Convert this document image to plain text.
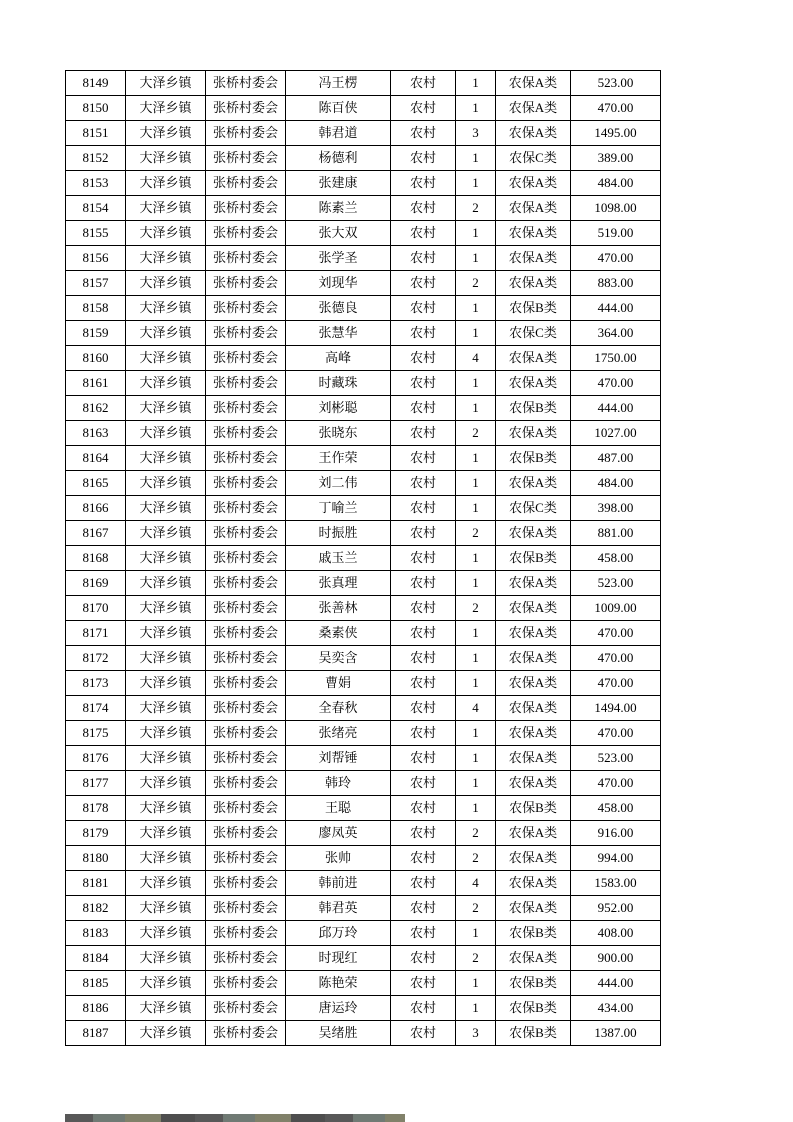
8149	大泽乡镇	张桥村委会	冯王楞	农村	1	农保A类	523.00
8150	大泽乡镇	张桥村委会	陈百侠	农村	1	农保A类	470.00
8151	大泽乡镇	张桥村委会	韩君道	农村	3	农保A类	1495.00
8152	大泽乡镇	张桥村委会	杨德利	农村	1	农保C类	389.00
8153	大泽乡镇	张桥村委会	张建康	农村	1	农保A类	484.00
8154	大泽乡镇	张桥村委会	陈素兰	农村	2	农保A类	1098.00
8155	大泽乡镇	张桥村委会	张大双	农村	1	农保A类	519.00
8156	大泽乡镇	张桥村委会	张学圣	农村	1	农保A类	470.00
8157	大泽乡镇	张桥村委会	刘现华	农村	2	农保A类	883.00
8158	大泽乡镇	张桥村委会	张德良	农村	1	农保B类	444.00
8159	大泽乡镇	张桥村委会	张慧华	农村	1	农保C类	364.00
8160	大泽乡镇	张桥村委会	高峰	农村	4	农保A类	1750.00
8161	大泽乡镇	张桥村委会	时藏珠	农村	1	农保A类	470.00
8162	大泽乡镇	张桥村委会	刘彬聪	农村	1	农保B类	444.00
8163	大泽乡镇	张桥村委会	张晓东	农村	2	农保A类	1027.00
8164	大泽乡镇	张桥村委会	王作荣	农村	1	农保B类	487.00
8165	大泽乡镇	张桥村委会	刘二伟	农村	1	农保A类	484.00
8166	大泽乡镇	张桥村委会	丁喻兰	农村	1	农保C类	398.00
8167	大泽乡镇	张桥村委会	时振胜	农村	2	农保A类	881.00
8168	大泽乡镇	张桥村委会	戚玉兰	农村	1	农保B类	458.00
8169	大泽乡镇	张桥村委会	张真理	农村	1	农保A类	523.00
8170	大泽乡镇	张桥村委会	张善林	农村	2	农保A类	1009.00
8171	大泽乡镇	张桥村委会	桑素侠	农村	1	农保A类	470.00
8172	大泽乡镇	张桥村委会	吴奕含	农村	1	农保A类	470.00
8173	大泽乡镇	张桥村委会	曹娟	农村	1	农保A类	470.00
8174	大泽乡镇	张桥村委会	全春秋	农村	4	农保A类	1494.00
8175	大泽乡镇	张桥村委会	张绪亮	农村	1	农保A类	470.00
8176	大泽乡镇	张桥村委会	刘帮锤	农村	1	农保A类	523.00
8177	大泽乡镇	张桥村委会	韩玲	农村	1	农保A类	470.00
8178	大泽乡镇	张桥村委会	王聪	农村	1	农保B类	458.00
8179	大泽乡镇	张桥村委会	廖凤英	农村	2	农保A类	916.00
8180	大泽乡镇	张桥村委会	张帅	农村	2	农保A类	994.00
8181	大泽乡镇	张桥村委会	韩前进	农村	4	农保A类	1583.00
8182	大泽乡镇	张桥村委会	韩君英	农村	2	农保A类	952.00
8183	大泽乡镇	张桥村委会	邱万玲	农村	1	农保B类	408.00
8184	大泽乡镇	张桥村委会	时现红	农村	2	农保A类	900.00
8185	大泽乡镇	张桥村委会	陈艳荣	农村	1	农保B类	444.00
8186	大泽乡镇	张桥村委会	唐运玲	农村	1	农保B类	434.00
8187	大泽乡镇	张桥村委会	吴绪胜	农村	3	农保B类	1387.00
